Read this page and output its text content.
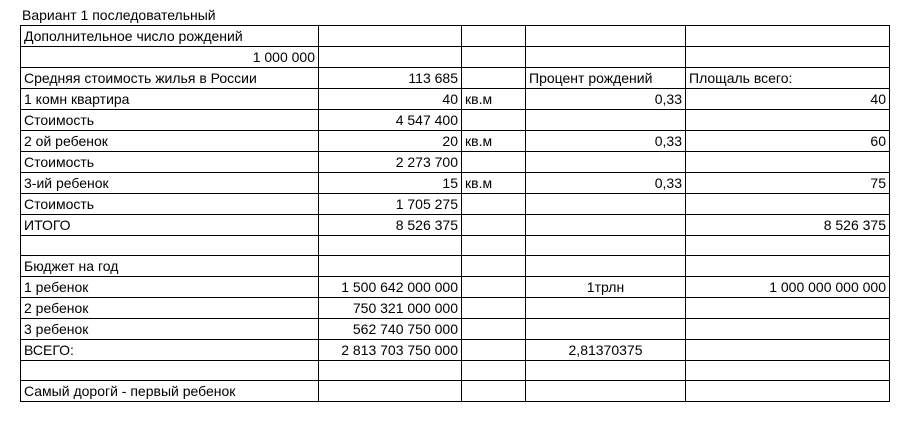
Вариант 1 последовательный
Дополнительное число рождений				
1 000 000				
Средняя стоимость жилья в России	113 685		Процент рождений	Площаль всего:
1 комн квартира	40	кв.м	0,33	40
Стоимость	4 547 400			
2 ой ребенок	20	кв.м	0,33	60
Стоимость	2 273 700			
3-ий ребенок	15	кв.м	0,33	75
Стоимость	1 705 275			
ИТОГО	8 526 375			8 526 375

Бюджет на год				
1 ребенок	1 500 642 000 000		1трлн	1 000 000 000 000
2 ребенок	750 321 000 000			
3 ребенок	562 740 750 000			
ВСЕГО:	2 813 703 750 000		2,81370375	

Самый дорогй - первый ребенок				
